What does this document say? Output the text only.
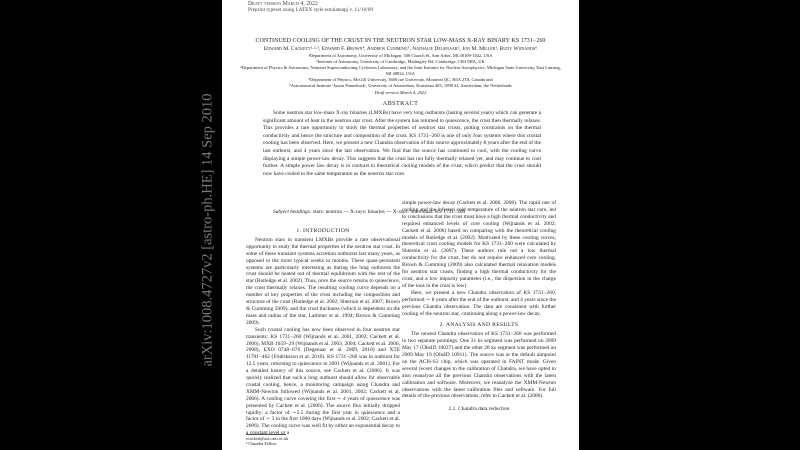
arXiv:1008.4727v2 [astro-ph.HE] 14 Sep 2010
Draft version March 4, 2022
Preprint typeset using LATEX style emulateapj v. 11/10/09
CONTINUED COOLING OF THE CRUST IN THE NEUTRON STAR LOW-MASS X-RAY BINARY KS 1731−260
Edward M. Cackett¹·²·³, Edward F. Brown⁴, Andrew Cumming⁵, Nathalie Degenaar⁶, Jon M. Miller¹, Rudy Wijnands⁶
¹Department of Astronomy, University of Michigan, 500 Church St, Ann Arbor, MI 48109-1042, USA
²Institute of Astronomy, University of Cambridge, Madingley Rd, Cambridge, CB3 0HA, UK
⁴Department of Physics & Astronomy, National Superconducting Cyclotron Laboratory, and the Joint Institute for Nuclear Astrophysics, Michigan State University, East Lansing, MI 48824, USA
⁵Department of Physics, McGill University, 3600 rue University, Montreal QC, H3A 2T8, Canada and
⁶Astronomical Institute 'Anton Pannekoek', University of Amsterdam, Kruislaan 403, 1098 SJ, Amsterdam, the Netherlands
Draft version March 4, 2022
ABSTRACT
Some neutron star low-mass X-ray binaries (LMXBs) have very long outbursts (lasting several years) which can generate a significant amount of heat in the neutron star crust. After the system has returned to quiescence, the crust then thermally relaxes. This provides a rare opportunity to study the thermal properties of neutron star crusts, putting constraints on the thermal conductivity and hence the structure and composition of the crust. KS 1731−260 is one of only four systems where this crustal cooling has been observed. Here, we present a new Chandra observation of this source approximately 8 years after the end of the last outburst, and 4 years since the last observation. We find that the source has continued to cool, with the cooling curve displaying a simple power-law decay. This suggests that the crust has not fully thermally relaxed yet, and may continue to cool further. A simple power law decay is in contrast to theoretical cooling models of the crust, which predict that the crust should now have cooled to the same temperature as the neutron star core.
Subject headings: stars: neutron — X-rays: binaries — X-rays: individual: KS 1731−260
1. INTRODUCTION

Neutron stars in transient LMXBs provide a rare observational opportunity to study the thermal properties of the neutron star crust. In some of these transient systems accretion outbursts last many years, as opposed to the more typical weeks to months. These quasi-persistent systems are particularly interesting as during the long outbursts the crust should be heated out of thermal equilibrium with the rest of the star (Rutledge et al. 2002). Thus, once the source returns to quiescence, the crust thermally relaxes. The resulting cooling curve depends on a number of key properties of the crust including the composition and structure of the crust (Rutledge et al. 2002; Shternin et al. 2007; Brown & Cumming 2009), and the crust thickness (which is dependent on the mass and radius of the star, Lattimer et al. 1994; Brown & Cumming 2009).

Such crustal cooling has now been observed in four neutron star transients: KS 1731−260 (Wijnands et al. 2001, 2002; Cackett et al. 2006), MXB 1659−29 (Wijnands et al. 2003, 2004; Cackett et al. 2006, 2008), EXO 0748−676 (Degenaar et al. 2009, 2010) and XTE J1701−462 (Fridriksson et al. 2010). KS 1731−260 was in outburst for 12.5 years, returning to quiescence in 2001 (Wijnands et al. 2001). For a detailed history of this source, see Cackett et al. (2006). It was quickly realized that such a long outburst should allow for observable crustal cooling, hence, a monitoring campaign using Chandra and XMM-Newton followed (Wijnands et al. 2001, 2002; Cackett et al. 2006). A cooling curve covering the first ∼ 4 years of quiescence was presented by Cackett et al. (2006). The source flux initially dropped rapidly: a factor of ∼2.5 during the first year in quiescence and a factor of ∼ 3 in the first 1000 days (Wijnands et al. 2002; Cackett et al. 2006). The cooling curve was well fit by either an exponential decay to a constant level or a

simple power-law decay (Cackett et al. 2006, 2008). The rapid rate of cooling and the inferred cold temperature of the neutron star core, led to conclusions that the crust must have a high thermal conductivity and required enhanced levels of core cooling (Wijnands et al. 2002; Cackett et al. 2006) based on comparing with the theoretical cooling models of Rutledge et al. (2002). Motivated by these cooling curves, theoretical crust cooling models for KS 1731−260 were calculated by Shternin et al. (2007). These authors rule out a low thermal conductivity for the crust, but do not require enhanced core cooling. Brown & Cumming (2009) also calculated thermal relaxation models for neutron star crusts, finding a high thermal conductivity for the crust, and a low impurity parameter (i.e., the dispersion in the charge of the ions in the crust is low).

Here, we present a new Chandra observation of KS 1731−260, performed ∼ 8 years after the end of the outburst, and 4 years since the previous Chandra observation. The data are consistent with further cooling of the neutron star, continuing along a power-law decay.

2. ANALYSIS AND RESULTS

The newest Chandra observation of KS 1731−260 was performed in two separate pointings. One 31 ks segment was performed on 2009 May 17 (ObsID 10037) and the other 28 ks segment was performed on 2009 May 19 (ObsID 10911). The source was at the default aimpoint on the ACIS-S3 chip, which was operated in FAINT mode. Given several recent changes to the calibration of Chandra, we have opted to also reanalyze all the previous Chandra observations with the latest calibration and software. Moreover, we reanalyze the XMM-Newton observations with the latest calibration files and software. For full details of the previous observations, refer to Cackett et al. (2006).

2.1. Chandra data reduction
ecackett@ast.cam.ac.uk
³ Chandra Fellow
